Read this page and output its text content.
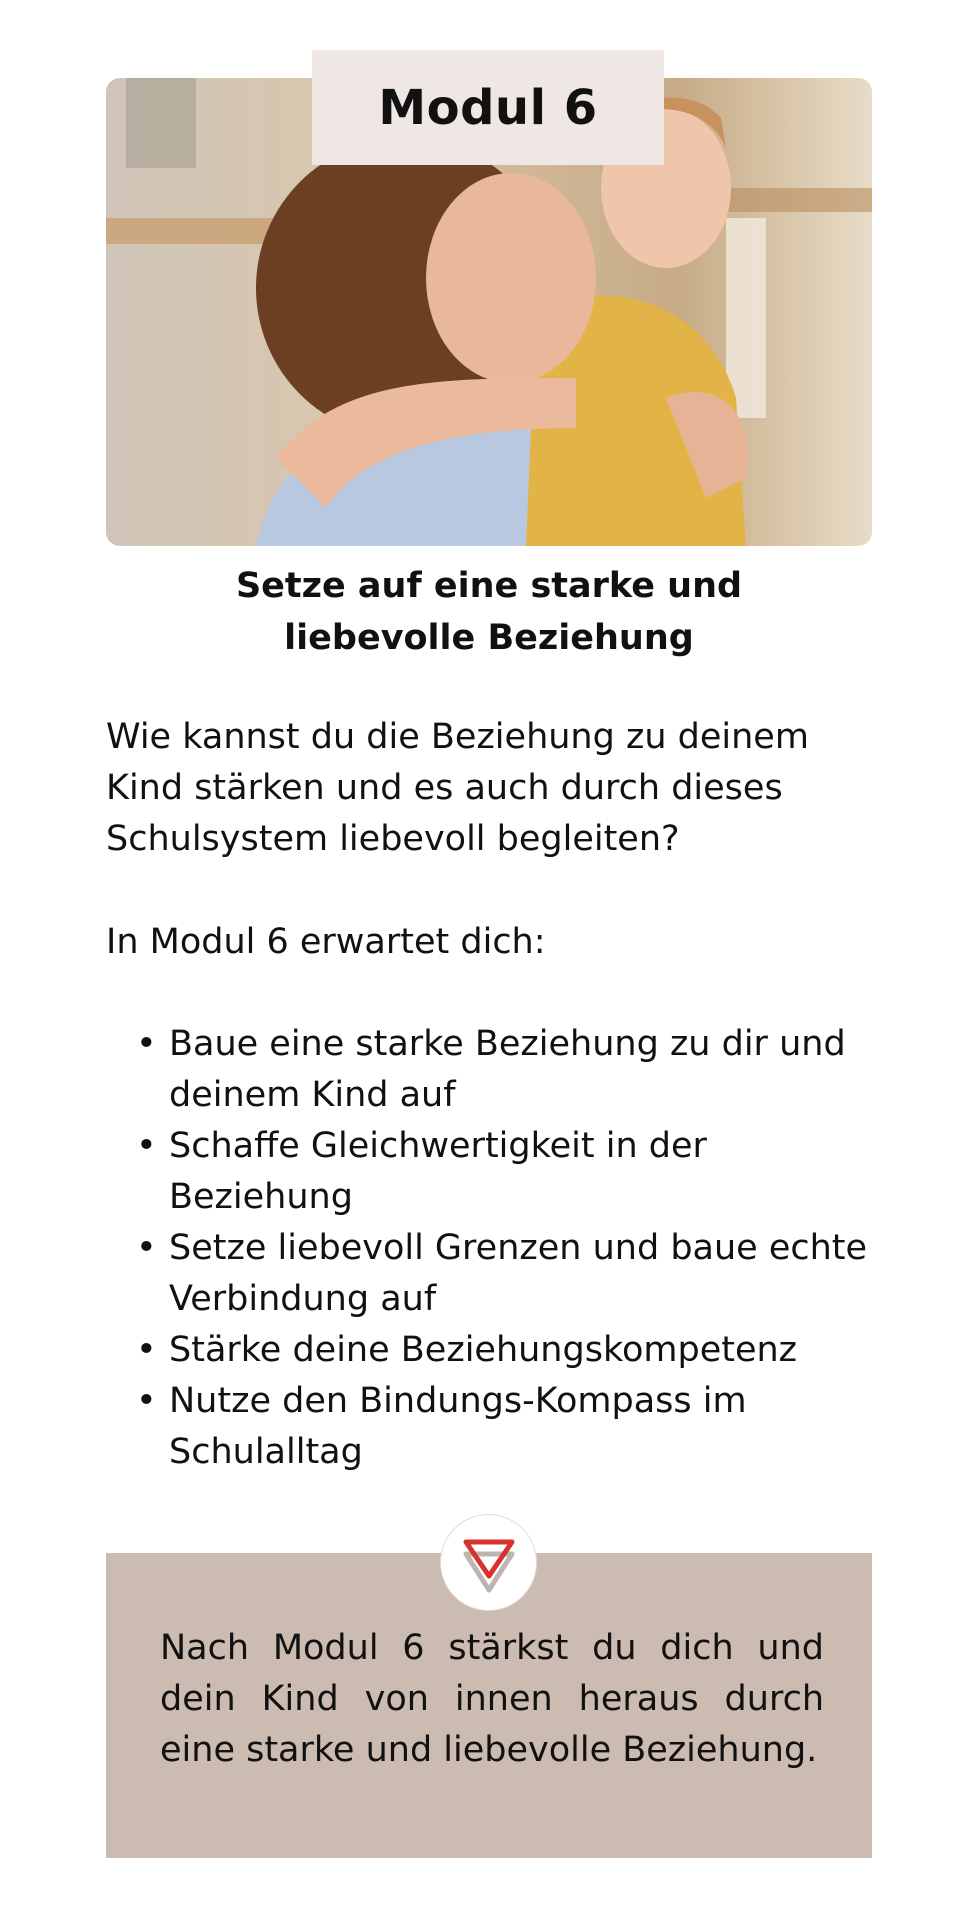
Modul 6
Setze auf eine starke und
liebevolle Beziehung

Wie kannst du die Beziehung zu deinem Kind stärken und es auch durch dieses Schulsystem liebevoll begleiten?

In Modul 6 erwartet dich:

• Baue eine starke Beziehung zu dir und deinem Kind auf
• Schaffe Gleichwertigkeit in der Beziehung
• Setze liebevoll Grenzen und baue echte Verbindung auf
• Stärke deine Beziehungskompetenz
• Nutze den Bindungs-Kompass im Schulalltag

Nach Modul 6 stärkst du dich und dein Kind von innen heraus durch eine starke und liebevolle Beziehung.
